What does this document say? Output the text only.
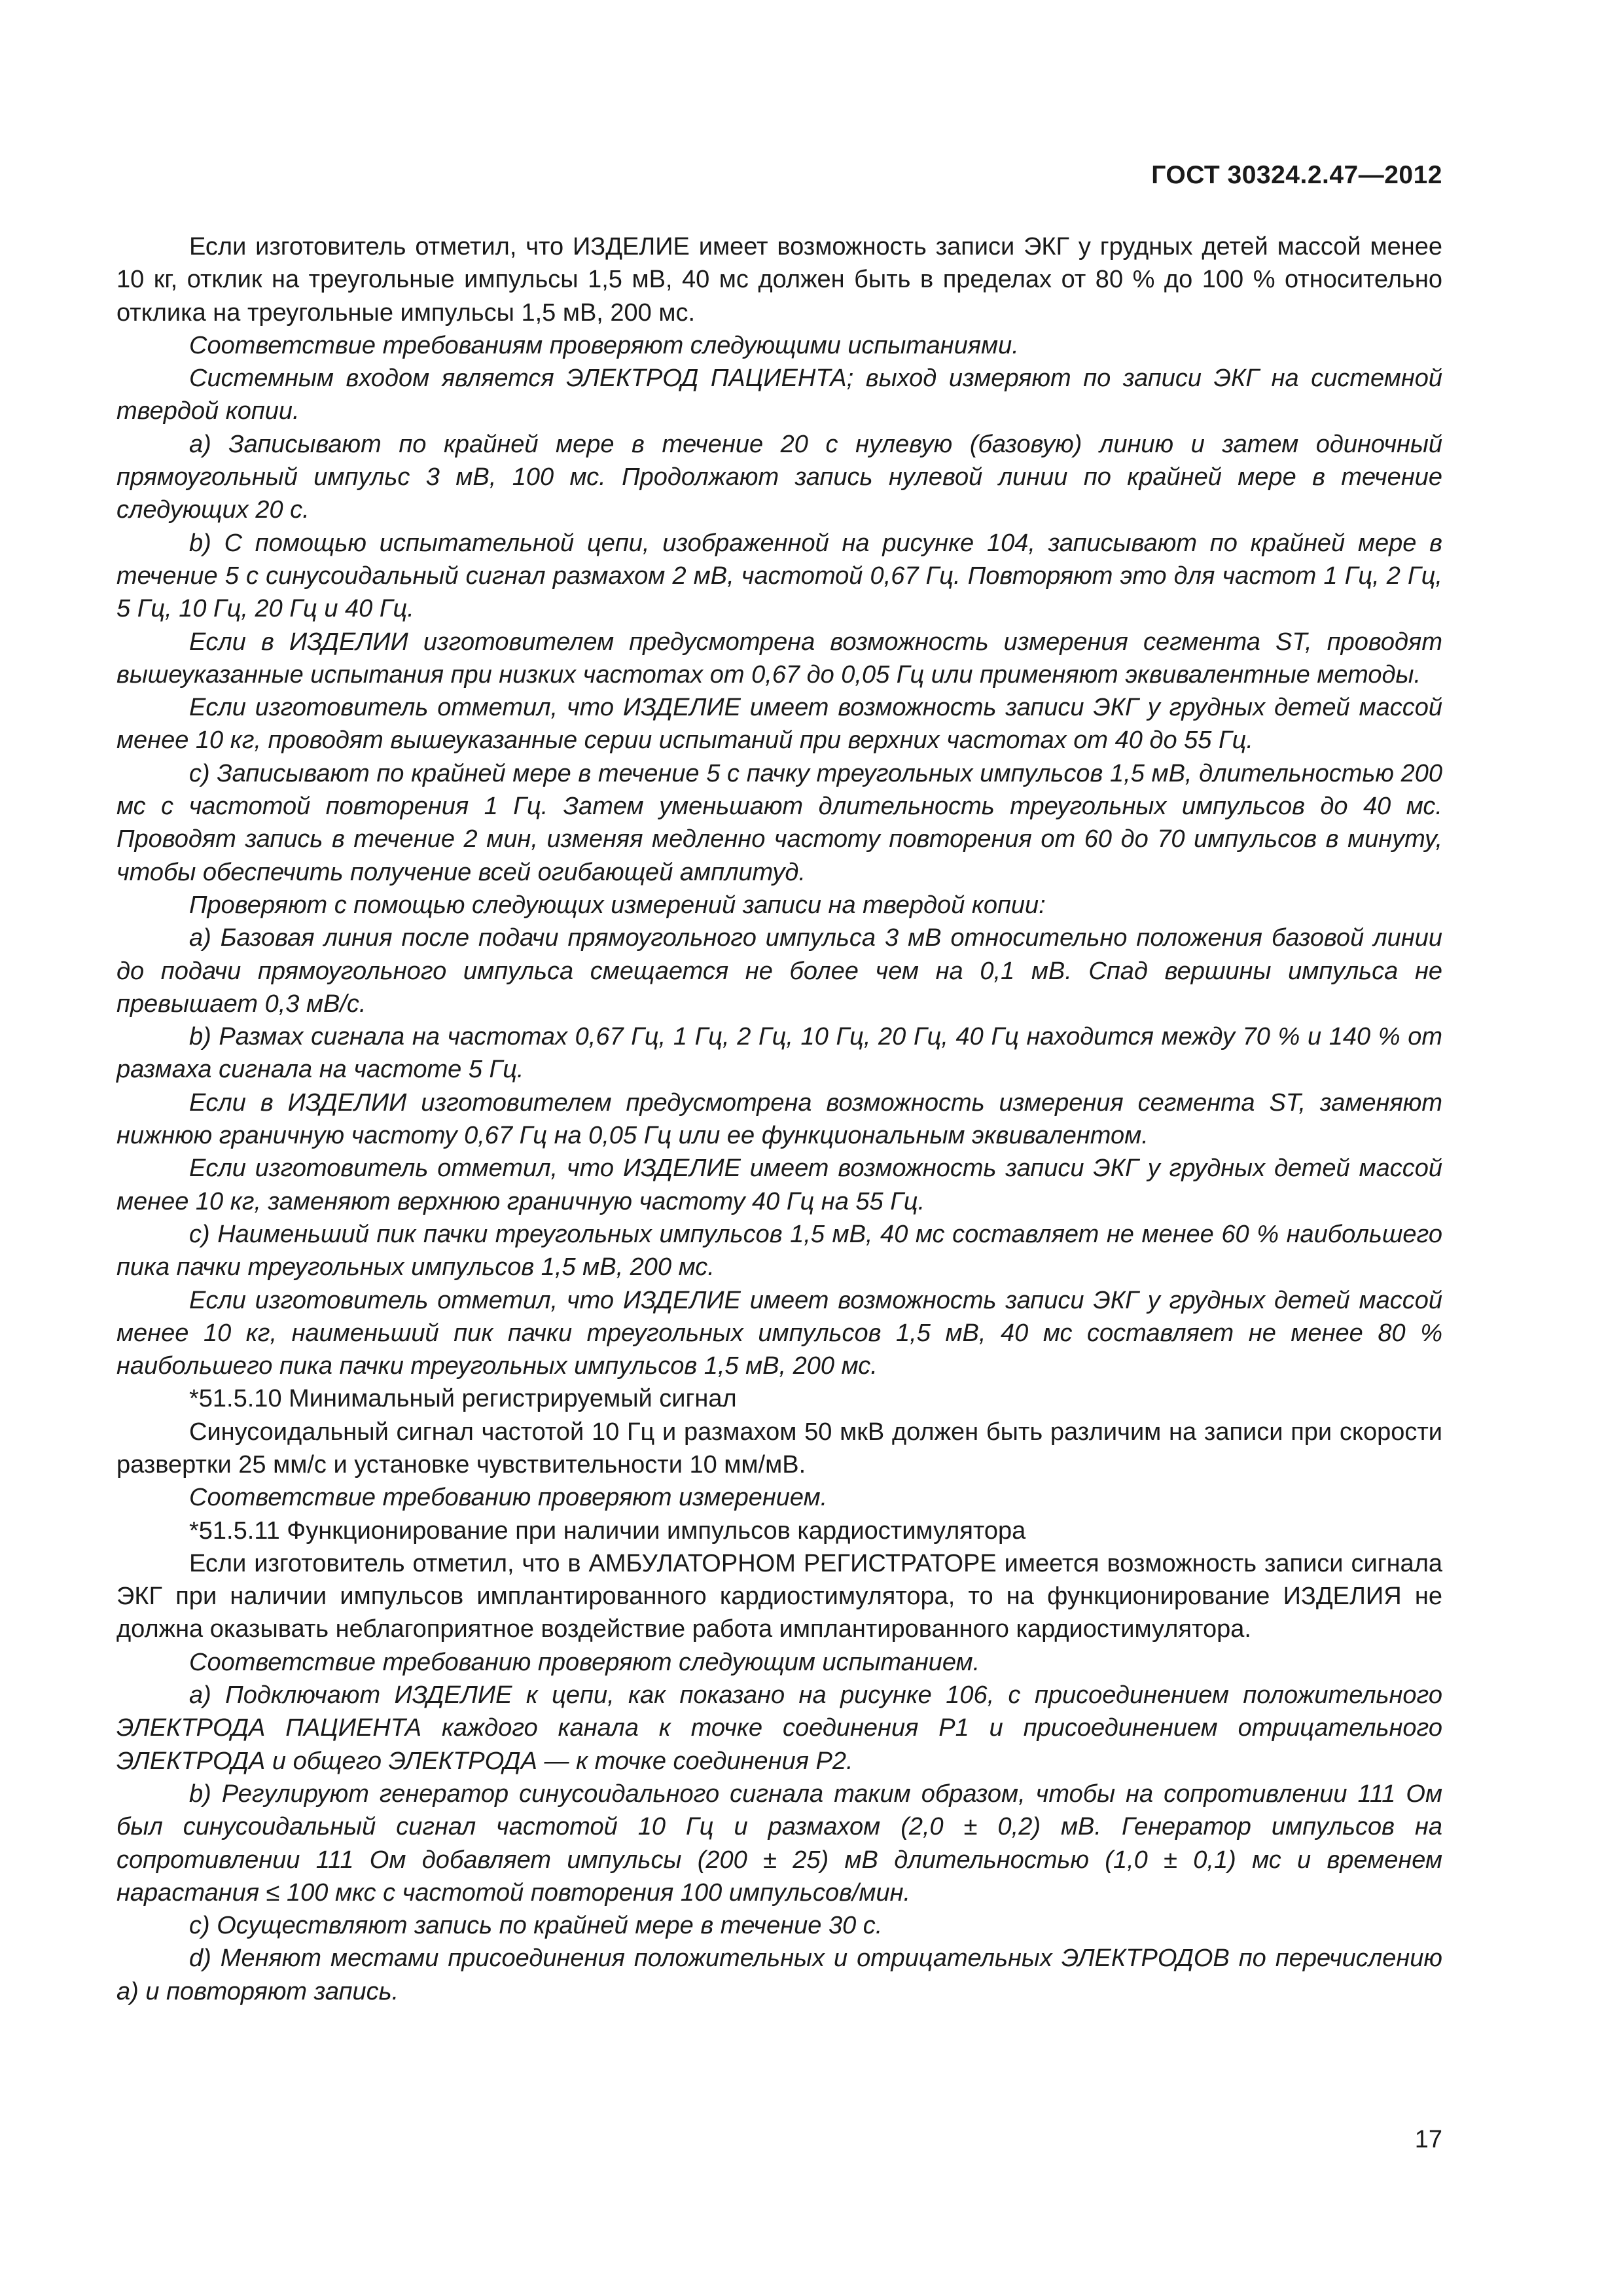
ГОСТ 30324.2.47—2012

Если изготовитель отметил, что ИЗДЕЛИЕ имеет возможность записи ЭКГ у грудных детей массой менее 10 кг, отклик на треугольные импульсы 1,5 мВ, 40 мс должен быть в пределах от 80 % до 100 % относительно отклика на треугольные импульсы 1,5 мВ, 200 мс.

Соответствие требованиям проверяют следующими испытаниями.

Системным входом является ЭЛЕКТРОД ПАЦИЕНТА; выход измеряют по записи ЭКГ на системной твердой копии.

a) Записывают по крайней мере в течение 20 с нулевую (базовую) линию и затем одиночный прямоугольный импульс 3 мВ, 100 мс. Продолжают запись нулевой линии по крайней мере в течение следующих 20 с.

b) С помощью испытательной цепи, изображенной на рисунке 104, записывают по крайней мере в течение 5 с синусоидальный сигнал размахом 2 мВ, частотой 0,67 Гц. Повторяют это для частот 1 Гц, 2 Гц, 5 Гц, 10 Гц, 20 Гц и 40 Гц.

Если в ИЗДЕЛИИ изготовителем предусмотрена возможность измерения сегмента ST, проводят вышеуказанные испытания при низких частотах от 0,67 до 0,05 Гц или применяют эквивалентные методы.

Если изготовитель отметил, что ИЗДЕЛИЕ имеет возможность записи ЭКГ у грудных детей массой менее 10 кг, проводят вышеуказанные серии испытаний при верхних частотах от 40 до 55 Гц.

c) Записывают по крайней мере в течение 5 с пачку треугольных импульсов 1,5 мВ, длительностью 200 мс с частотой повторения 1 Гц. Затем уменьшают длительность треугольных импульсов до 40 мс. Проводят запись в течение 2 мин, изменяя медленно частоту повторения от 60 до 70 импульсов в минуту, чтобы обеспечить получение всей огибающей амплитуд.

Проверяют с помощью следующих измерений записи на твердой копии:

a) Базовая линия после подачи прямоугольного импульса 3 мВ относительно положения базовой линии до подачи прямоугольного импульса смещается не более чем на 0,1 мВ. Спад вершины импульса не превышает 0,3 мВ/с.

b) Размах сигнала на частотах 0,67 Гц, 1 Гц, 2 Гц, 10 Гц, 20 Гц, 40 Гц находится между 70 % и 140 % от размаха сигнала на частоте 5 Гц.

Если в ИЗДЕЛИИ изготовителем предусмотрена возможность измерения сегмента ST, заменяют нижнюю граничную частоту 0,67 Гц на 0,05 Гц или ее функциональным эквивалентом.

Если изготовитель отметил, что ИЗДЕЛИЕ имеет возможность записи ЭКГ у грудных детей массой менее 10 кг, заменяют верхнюю граничную частоту 40 Гц на 55 Гц.

c) Наименьший пик пачки треугольных импульсов 1,5 мВ, 40 мс составляет не менее 60 % наибольшего пика пачки треугольных импульсов 1,5 мВ, 200 мс.

Если изготовитель отметил, что ИЗДЕЛИЕ имеет возможность записи ЭКГ у грудных детей массой менее 10 кг, наименьший пик пачки треугольных импульсов 1,5 мВ, 40 мс составляет не менее 80 % наибольшего пика пачки треугольных импульсов 1,5 мВ, 200 мс.

*51.5.10 Минимальный регистрируемый сигнал

Синусоидальный сигнал частотой 10 Гц и размахом 50 мкВ должен быть различим на записи при скорости развертки 25 мм/с и установке чувствительности 10 мм/мВ.

Соответствие требованию проверяют измерением.

*51.5.11 Функционирование при наличии импульсов кардиостимулятора

Если изготовитель отметил, что в АМБУЛАТОРНОМ РЕГИСТРАТОРЕ имеется возможность записи сигнала ЭКГ при наличии импульсов имплантированного кардиостимулятора, то на функционирование ИЗДЕЛИЯ не должна оказывать неблагоприятное воздействие работа имплантированного кардиостимулятора.

Соответствие требованию проверяют следующим испытанием.

a) Подключают ИЗДЕЛИЕ к цепи, как показано на рисунке 106, с присоединением положительного ЭЛЕКТРОДА ПАЦИЕНТА каждого канала к точке соединения Р1 и присоединением отрицательного ЭЛЕКТРОДА и общего ЭЛЕКТРОДА — к точке соединения Р2.

b) Регулируют генератор синусоидального сигнала таким образом, чтобы на сопротивлении 111 Ом был синусоидальный сигнал частотой 10 Гц и размахом (2,0 ± 0,2) мВ. Генератор импульсов на сопротивлении 111 Ом добавляет импульсы (200 ± 25) мВ длительностью (1,0 ± 0,1) мс и временем нарастания ≤ 100 мкс с частотой повторения 100 импульсов/мин.

c) Осуществляют запись по крайней мере в течение 30 с.

d) Меняют местами присоединения положительных и отрицательных ЭЛЕКТРОДОВ по перечислению а) и повторяют запись.

17
